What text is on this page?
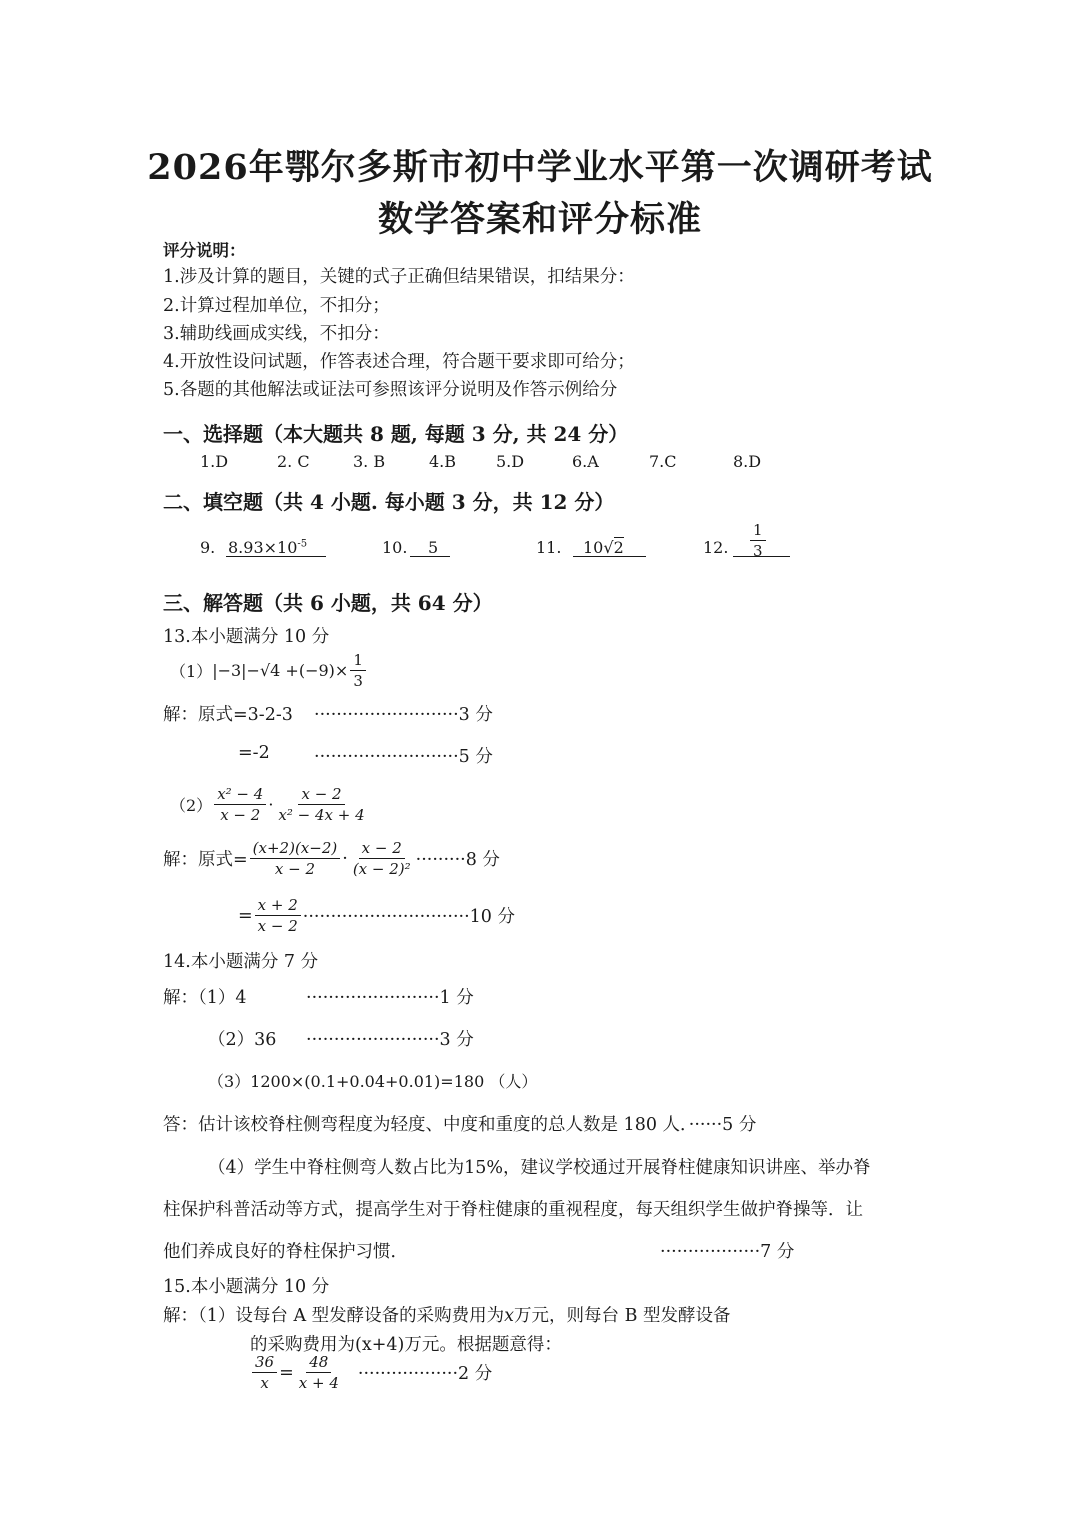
2026年鄂尔多斯市初中学业水平第一次调研考试
数学答案和评分标准
评分说明：
1.涉及计算的题目，关键的式子正确但结果错误，扣结果分：
2.计算过程加单位，不扣分；
3.辅助线画成实线，不扣分：
4.开放性设问试题，作答表述合理，符合题干要求即可给分；
5.各题的其他解法或证法可参照该评分说明及作答示例给分
一、选择题（本大题共 8 题, 每题 3 分, 共 24 分）
1.D	2. C	3. B	4.B 5.D	6.A	7.C	8.D
二、填空题（共 4 小题. 每小题 3 分，共 12 分）
9. $8.93\times 10^{-5}$	10. 5	11. 10√2	12. $\frac{1}{3}$
三、解答题（共 6 小题，共 64 分）
13.本小题满分 10 分
（1） $|-3|-√4 +(-9)\times \frac{1}{3}$
解：原式=3-2-3 ··························3 分
=-2	··························5 分
$(2) \frac{\text{x² − 4}}{x - 2} \cdot \frac{x - 2}{\text{x² − 4x + 4}}$
解：原式= $\frac{(x+2)(x-2)}{x - 2} \cdot \frac{x - 2}{\text{(x − 2)²}} \cdot\cdot\cdot\cdot\cdot\cdot\cdot\cdot\cdot 8$ 分
= $\frac{x + 2}{x - 2} \cdot\cdot\cdot\cdot\cdot\cdot\cdot\cdot\cdot\cdot\cdot\cdot\cdot\cdot\cdot\cdot\cdot\cdot\cdot\cdot\cdot\cdot\cdot\cdot\cdot\cdot\cdot\cdot\cdot\cdot 10$ 分
14.本小题满分 7 分
解：（1）4	························1 分
（2）36 ························3 分
（3）1200×(0.1+0.04+0.01)=180 （人）
答：估计该校脊柱侧弯程度为轻度、中度和重度的总人数是 180 人．······5 分
（4）学生中脊柱侧弯人数占比为15%，建议学校通过开展脊柱健康知识讲座、举办脊
柱保护科普活动等方式，提高学生对于脊柱健康的重视程度，每天组织学生做护脊操等．让
他们养成良好的脊柱保护习惯．	··················7 分
15.本小题满分 10 分
解：（1）设每台 A 型发酵设备的采购费用为x万元，则每台 B 型发酵设备
的采购费用为(x+4)万元。根据题意得：
$\frac{36}{x} = \frac{48}{x + 4} \cdot\cdot\cdot\cdot\cdot\cdot\cdot\cdot\cdot\cdot\cdot\cdot\cdot\cdot\cdot\cdot\cdot\cdot 2$ 分
